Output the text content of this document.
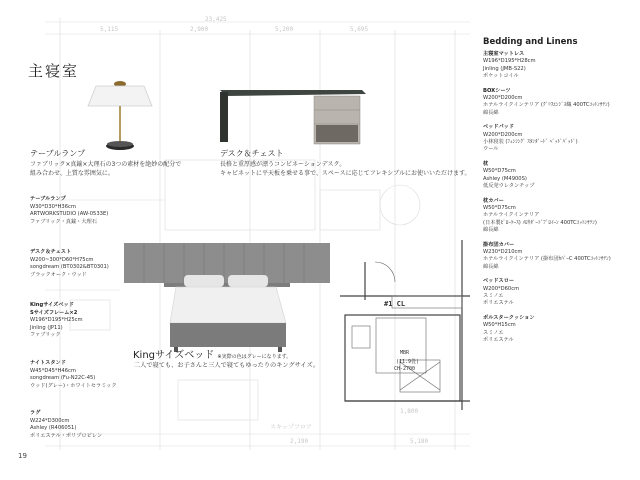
23,425
5,115	2,900	5,200	5,695
5,180
2,190
主寝室
テーブルランプ
ファブリック×真鍮×大理石の3つの素材を絶妙の配分で
組み合わせ、上質な雰囲気に。
デスク＆チェスト
長格と重厚感が漂うコンビネーションデスク。
キャビネットに平天板を乗せる事で、スペースに応じてフレキシブルにお使いいただけます。
Kingサイズベッド ※実際の色はグレーになります。
二人で寝ても、お子さんと三人で寝てもゆったりのキングサイズ。
#1 CL
MBR
(11.9畳)
CH-2700
1,800
スキップフロア
テーブルランプ
W30*D30*H36cm
ARTWORKSTUDIO (AW-0533E)
ファブリック・真鍮・大理石
デスク＆チェスト
W200~300*D60*H75cm
songdream (BT0302&BT0301)
ブラックオーク・ウッド
Kingサイズベッド
Sサイズフレーム×2
W196*D195*H25cm
Jinling (JP11)
ファブリック
ナイトスタンド
W45*D45*H46cm
songdream (Fu-N22C-45)
ウッド(グレー)・ホワイトセラミック
ラグ
W224*D300cm
Ashley (R406051)
ポリエステル・ポリプロピレン
Bedding and Linens
主寝室マットレス
W196*D195*H28cm
Jinling (JMB-S22)
ポケットコイル
BOXシーツ
W200*D200cm
ホテルライクインテリア (ｸﾞﾘｽｴﾝｼﾞﾖ織 400TCｺｯﾄﾝｻﾃﾝ)
綿長綿
ベッドパッド
W200*D200cm
小林寝装 (ﾌｪﾝｼﾝｸﾞ ｽﾀﾝﾀﾞｰﾄﾞ ﾍﾞｯﾄﾞﾊﾟｯﾄﾞ)
ウール
枕
W50*D75cm
Ashley (M4900S)
低反発ウレタンチップ
枕カバー
W50*D75cm
ホテルライクインテリア
(日本製ﾋﾟﾛｰｹｰｽ) ﾒﾛｳﾀﾞｰﾄﾞﾌﾟﾛｲｰﾝ 400TCｺｯﾄﾝｻﾃﾝ)
綿長綿
掛布団カバー
W230*D210cm
ホテルライクインテリア (掛布団ｶﾊﾞｰC 400TCｺｯﾄﾝｻﾃﾝ)
綿長綿
ベッドスロー
W200*D60cm
スミノエ
ポリエステル
ボルスタークッション
W50*H15cm
スミノエ
ポリエステル
19
